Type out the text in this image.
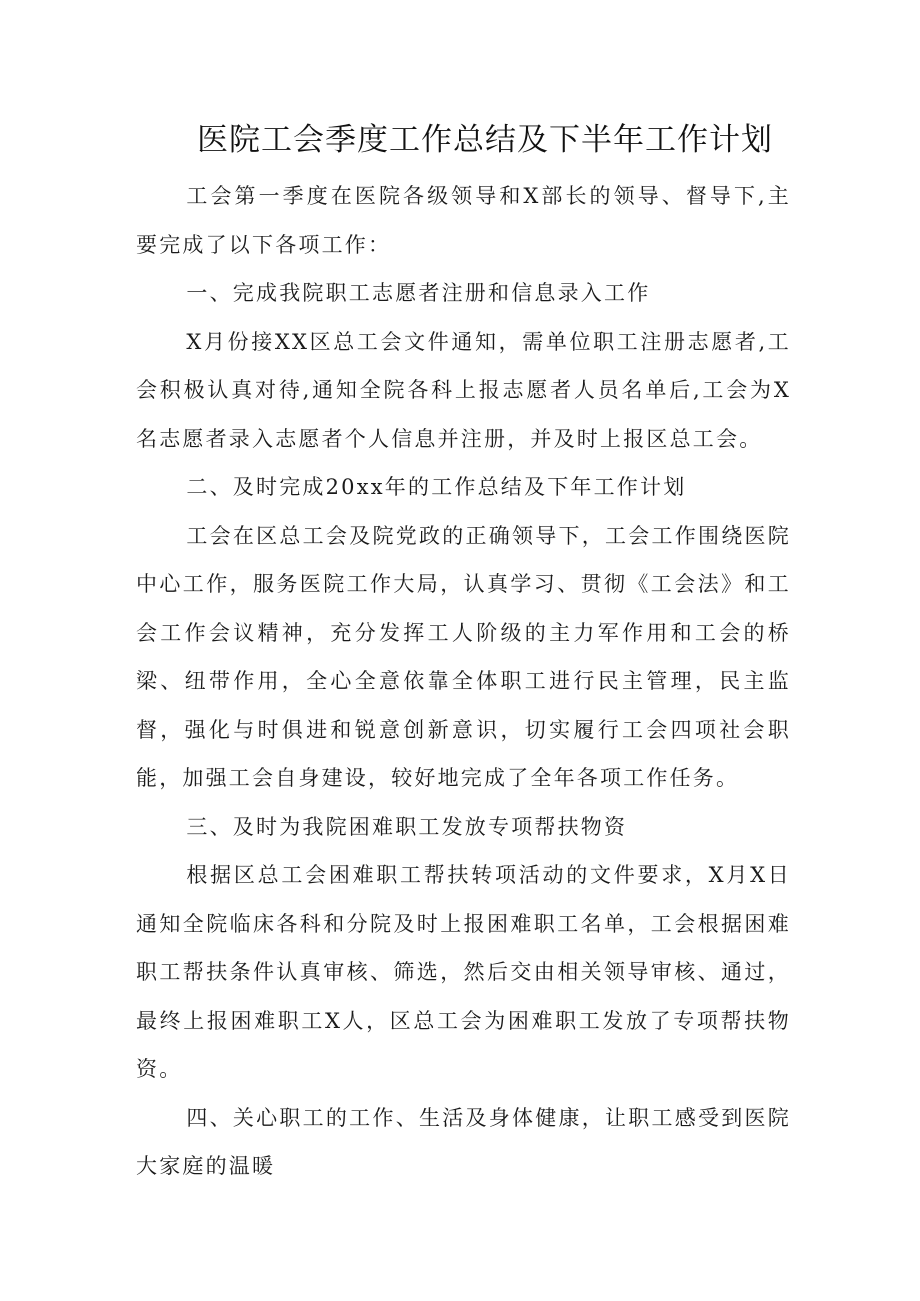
医院工会季度工作总结及下半年工作计划

工会第一季度在医院各级领导和X部长的领导、督导下,主要完成了以下各项工作：

一、完成我院职工志愿者注册和信息录入工作

X月份接XX区总工会文件通知，需单位职工注册志愿者,工会积极认真对待,通知全院各科上报志愿者人员名单后,工会为X名志愿者录入志愿者个人信息并注册，并及时上报区总工会。

二、及时完成20xx年的工作总结及下年工作计划

工会在区总工会及院党政的正确领导下，工会工作围绕医院中心工作，服务医院工作大局，认真学习、贯彻《工会法》和工会工作会议精神，充分发挥工人阶级的主力军作用和工会的桥梁、纽带作用，全心全意依靠全体职工进行民主管理，民主监督，强化与时俱进和锐意创新意识，切实履行工会四项社会职能，加强工会自身建设，较好地完成了全年各项工作任务。

三、及时为我院困难职工发放专项帮扶物资

根据区总工会困难职工帮扶转项活动的文件要求，X月X日通知全院临床各科和分院及时上报困难职工名单，工会根据困难职工帮扶条件认真审核、筛选，然后交由相关领导审核、通过，最终上报困难职工X人，区总工会为困难职工发放了专项帮扶物资。

四、关心职工的工作、生活及身体健康，让职工感受到医院大家庭的温暖
